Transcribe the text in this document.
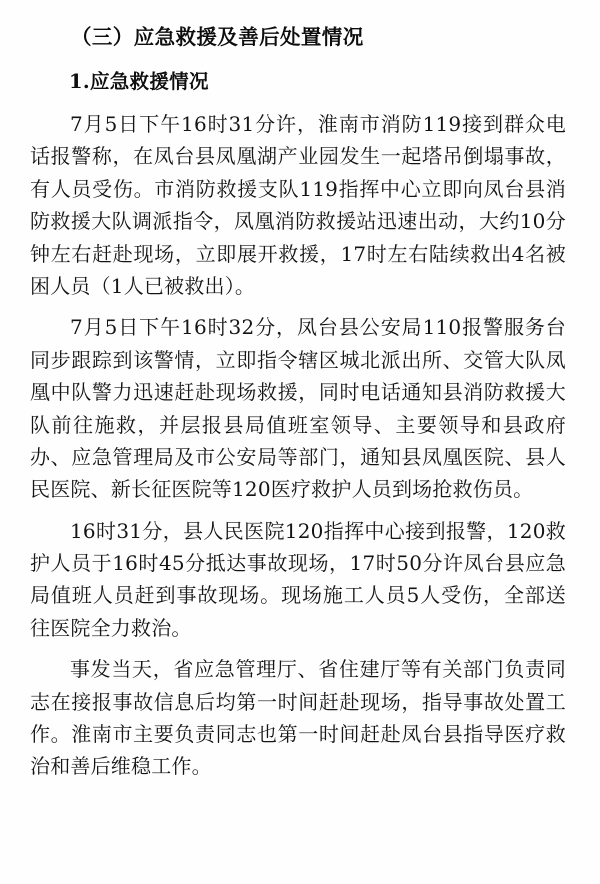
（三）应急救援及善后处置情况
1.应急救援情况

7月5日下午16时31分许，淮南市消防119接到群众电话报警称，在凤台县凤凰湖产业园发生一起塔吊倒塌事故，有人员受伤。市消防救援支队119指挥中心立即向凤台县消防救援大队调派指令，凤凰消防救援站迅速出动，大约10分钟左右赶赴现场，立即展开救援，17时左右陆续救出4名被困人员（1人已被救出）。

7月5日下午16时32分，凤台县公安局110报警服务台同步跟踪到该警情，立即指令辖区城北派出所、交管大队凤凰中队警力迅速赶赴现场救援，同时电话通知县消防救援大队前往施救，并层报县局值班室领导、主要领导和县政府办、应急管理局及市公安局等部门，通知县凤凰医院、县人民医院、新长征医院等120医疗救护人员到场抢救伤员。

16时31分，县人民医院120指挥中心接到报警，120救护人员于16时45分抵达事故现场，17时50分许凤台县应急局值班人员赶到事故现场。现场施工人员5人受伤，全部送往医院全力救治。

事发当天，省应急管理厅、省住建厅等有关部门负责同志在接报事故信息后均第一时间赶赴现场，指导事故处置工作。淮南市主要负责同志也第一时间赶赴凤台县指导医疗救治和善后维稳工作。
